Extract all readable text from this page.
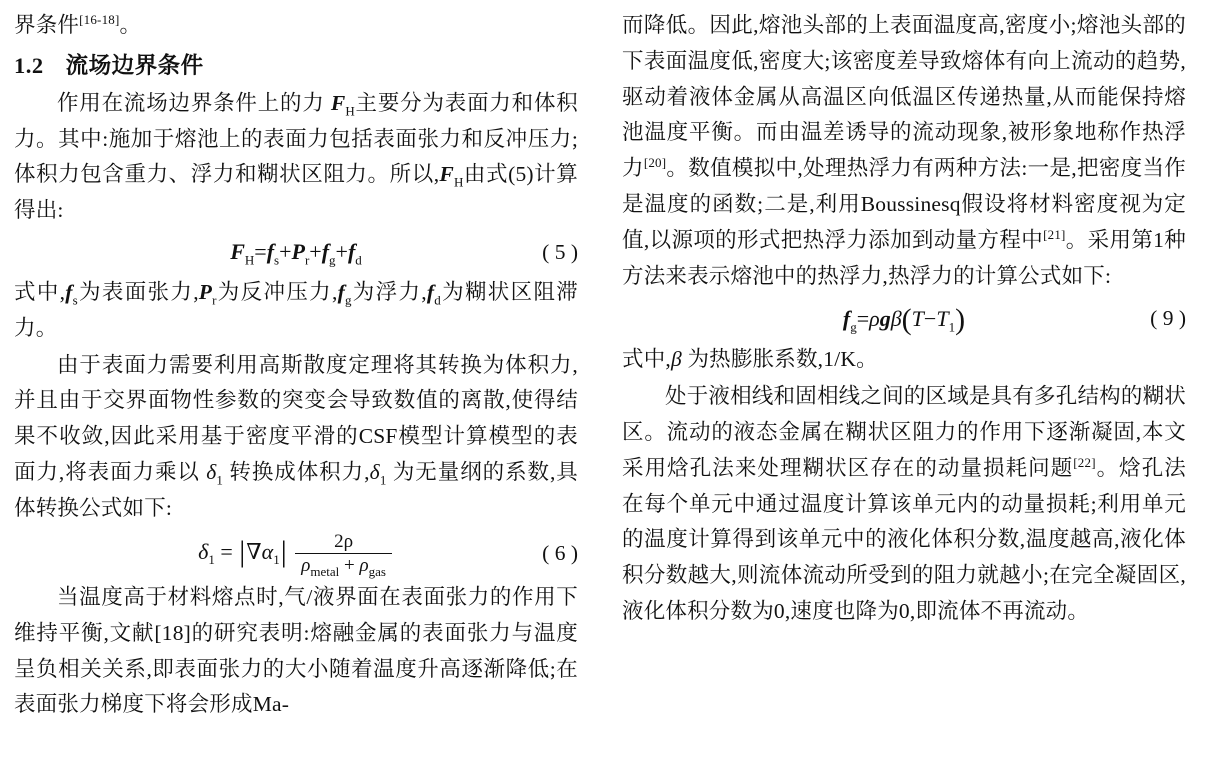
界条件[16-18]。

1.2 流场边界条件

作用在流场边界条件上的力 $F_H$主要分为表面力和体积力。其中:施加于熔池上的表面力包括表面张力和反冲压力;体积力包含重力、浮力和糊状区阻力。所以$,F_H$由式(5)计算得出:

$F_H=f_s+P_r+f_g+f_d$	( 5 )

式中$,f_s$为表面张力$,P_r$为反冲压力$,f_g$为浮力$,f_d$为糊状区阻滞力。

由于表面力需要利用高斯散度定理将其转换为体积力,并且由于交界面物性参数的突变会导致数值的离散,使得结果不收敛,因此采用基于密度平滑的CSF模型计算模型的表面力,将表面力乘以 $\delta_1$ 转换成体积力$,\delta_1$ 为无量纲的系数,具体转换公式如下:

$\delta_1 = |\nabla\alpha_1| \frac{2\rho}{\rho_{metal} + \rho_{gas}}$	( 6 )

当温度高于材料熔点时,气/液界面在表面张力的作用下维持平衡,文献[18]的研究表明:熔融金属的表面张力与温度呈负相关关系,即表面张力的大小随着温度升高逐渐降低;在表面张力梯度下将会形成Ma-

而降低。因此,熔池头部的上表面温度高,密度小;熔池头部的下表面温度低,密度大;该密度差导致熔体有向上流动的趋势,驱动着液体金属从高温区向低温区传递热量,从而能保持熔池温度平衡。而由温差诱导的流动现象,被形象地称作热浮力[20]。数值模拟中,处理热浮力有两种方法:一是,把密度当作是温度的函数;二是,利用Boussinesq假设将材料密度视为定值,以源项的形式把热浮力添加到动量方程中[21]。采用第1种方法来表示熔池中的热浮力,热浮力的计算公式如下:

$f_g=\rho g\beta(T-T_1)$	( 9 )

式中,β 为热膨胀系数,1/K。

处于液相线和固相线之间的区域是具有多孔结构的糊状区。流动的液态金属在糊状区阻力的作用下逐渐凝固,本文采用焓孔法来处理糊状区存在的动量损耗问题[22]。焓孔法在每个单元中通过温度计算该单元内的动量损耗;利用单元的温度计算得到该单元中的液化体积分数,温度越高,液化体积分数越大,则流体流动所受到的阻力就越小;在完全凝固区,液化体积分数为0,速度也降为0,即流体不再流动。
